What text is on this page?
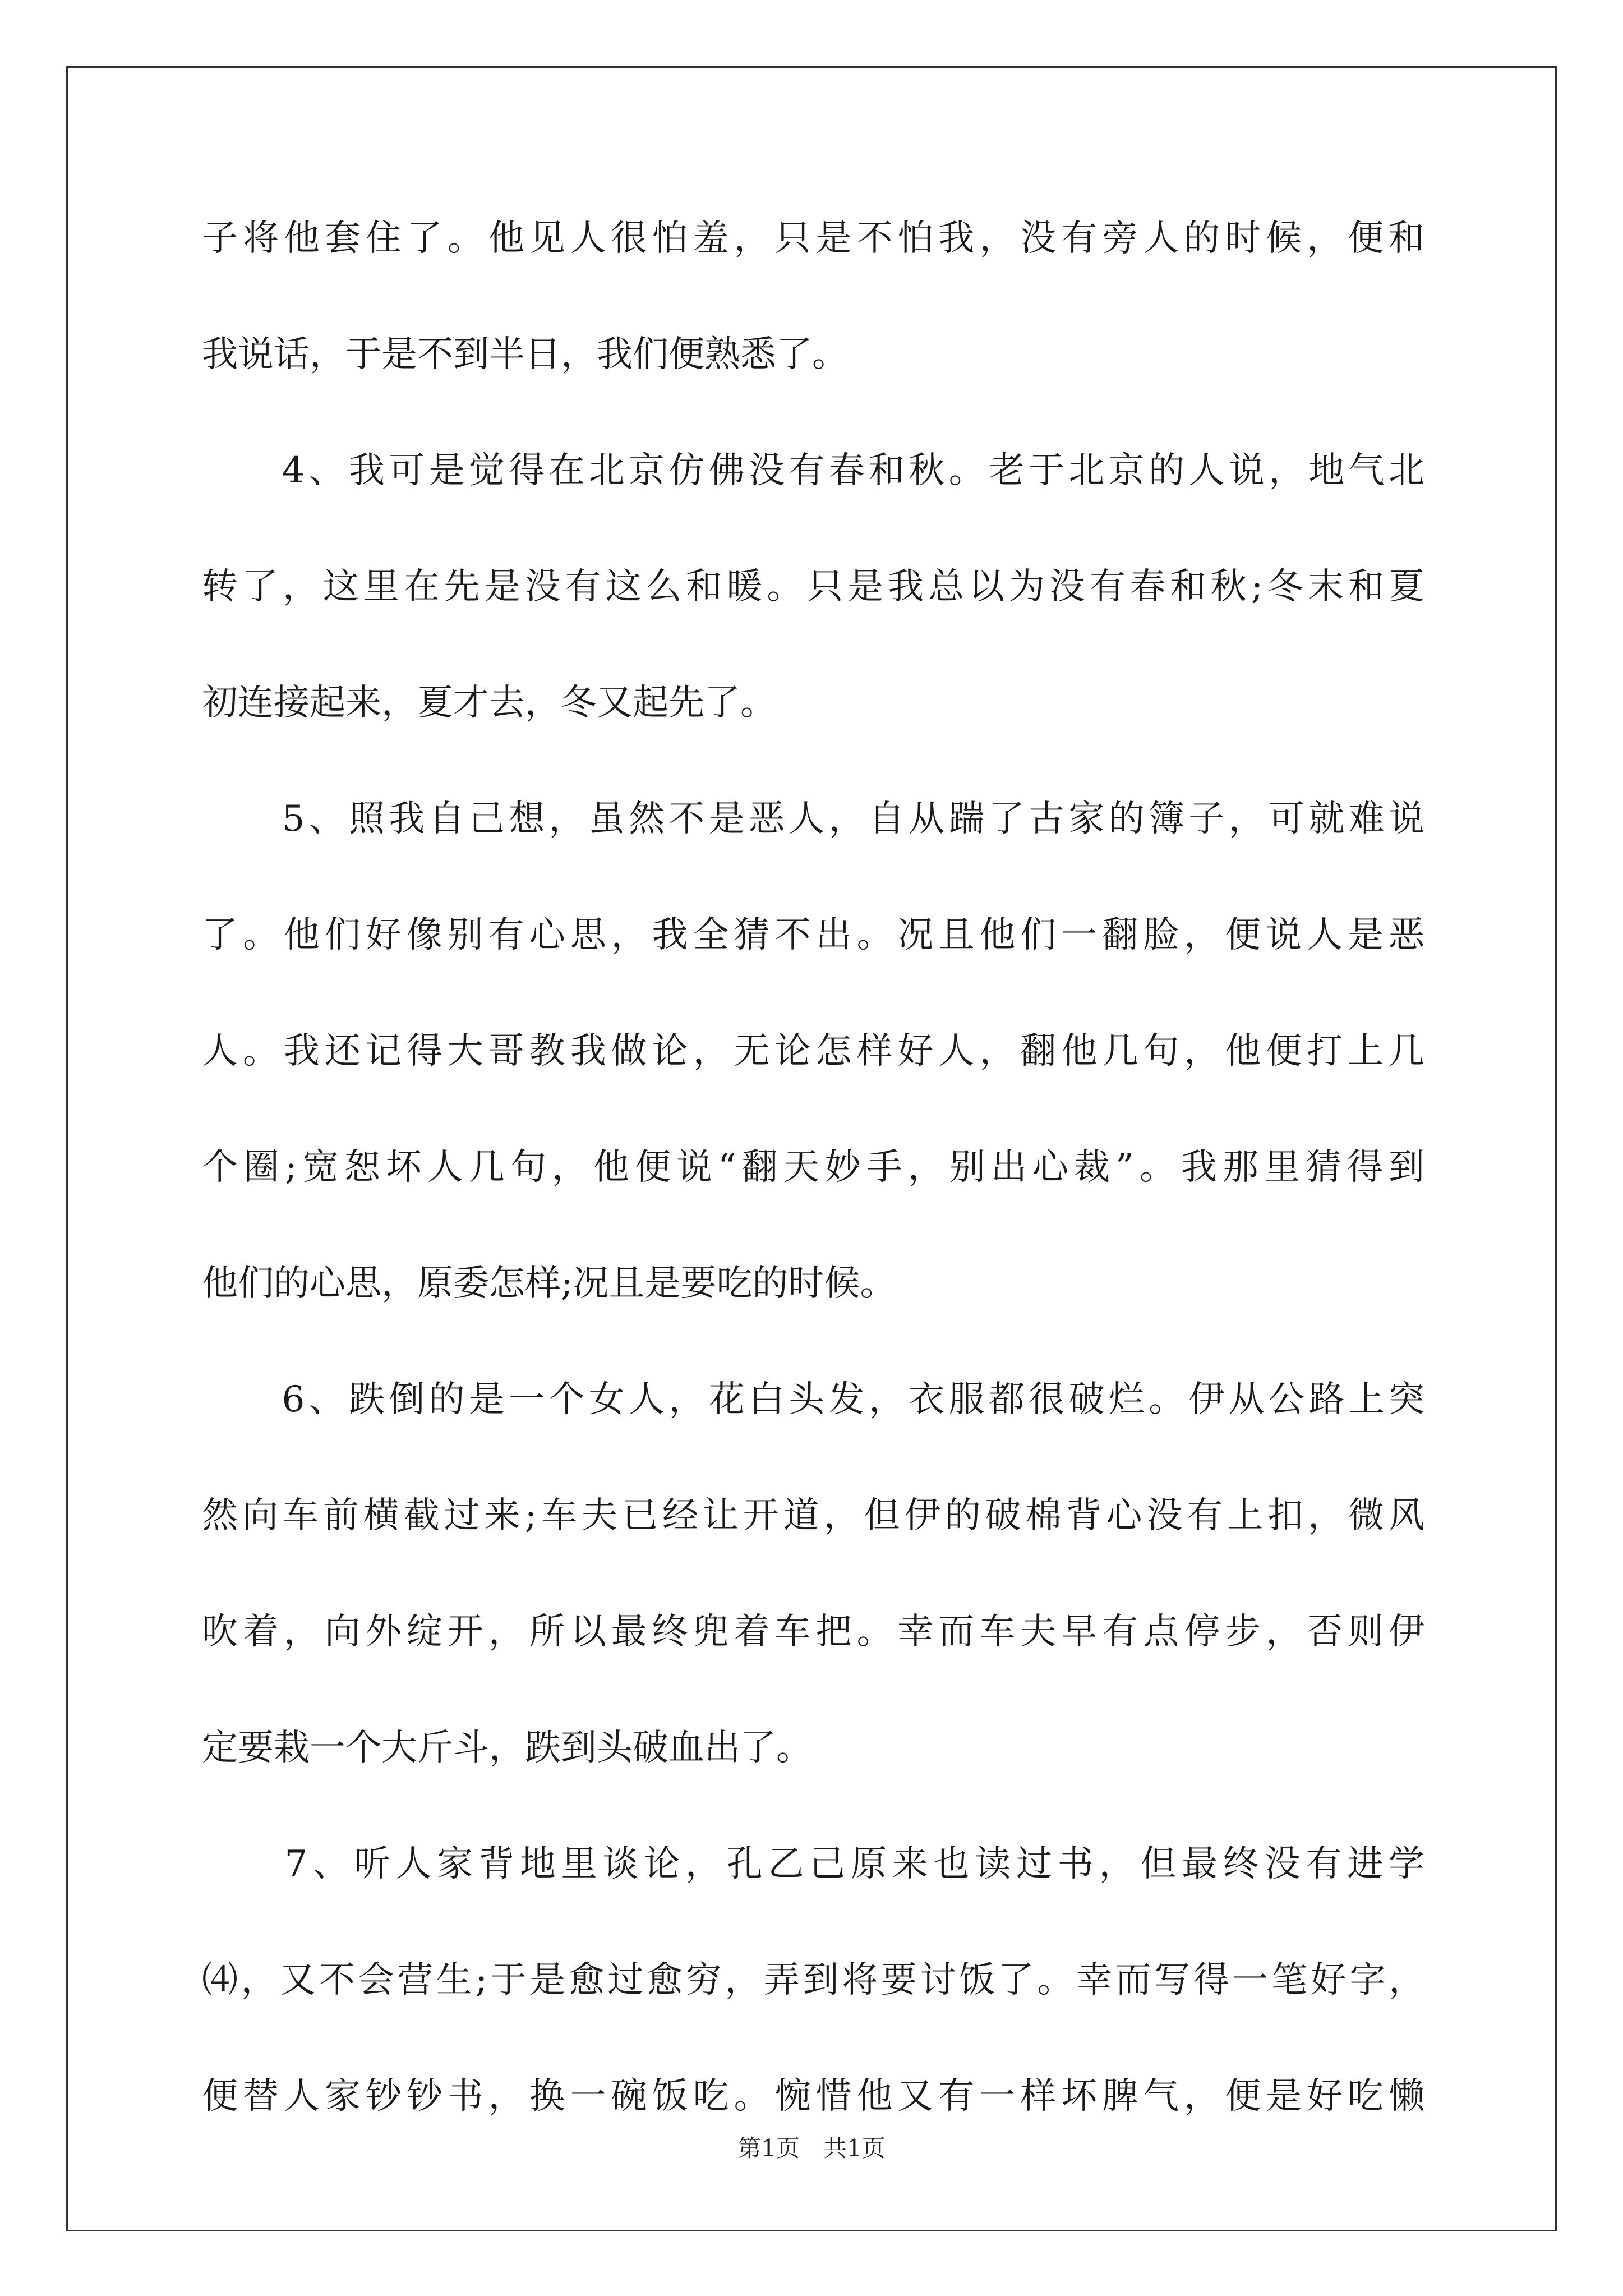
子将他套住了。他见人很怕羞，只是不怕我，没有旁人的时候，便和
我说话，于是不到半日，我们便熟悉了。
　　4、我可是觉得在北京仿佛没有春和秋。老于北京的人说，地气北
转了，这里在先是没有这么和暖。只是我总以为没有春和秋;冬末和夏
初连接起来，夏才去，冬又起先了。
　　5、照我自己想，虽然不是恶人，自从踹了古家的簿子，可就难说
了。他们好像别有心思，我全猜不出。况且他们一翻脸，便说人是恶
人。我还记得大哥教我做论，无论怎样好人，翻他几句，他便打上几
个圈;宽恕坏人几句，他便说“翻天妙手，别出心裁”。我那里猜得到
他们的心思，原委怎样;况且是要吃的时候。
　　6、跌倒的是一个女人，花白头发，衣服都很破烂。伊从公路上突
然向车前横截过来;车夫已经让开道，但伊的破棉背心没有上扣，微风
吹着，向外绽开，所以最终兜着车把。幸而车夫早有点停步，否则伊
定要栽一个大斤斗，跌到头破血出了。
　　7、听人家背地里谈论，孔乙己原来也读过书，但最终没有进学
⑷，又不会营生;于是愈过愈穷，弄到将要讨饭了。幸而写得一笔好字，
便替人家钞钞书，换一碗饭吃。惋惜他又有一样坏脾气，便是好吃懒
第1页　共1页
